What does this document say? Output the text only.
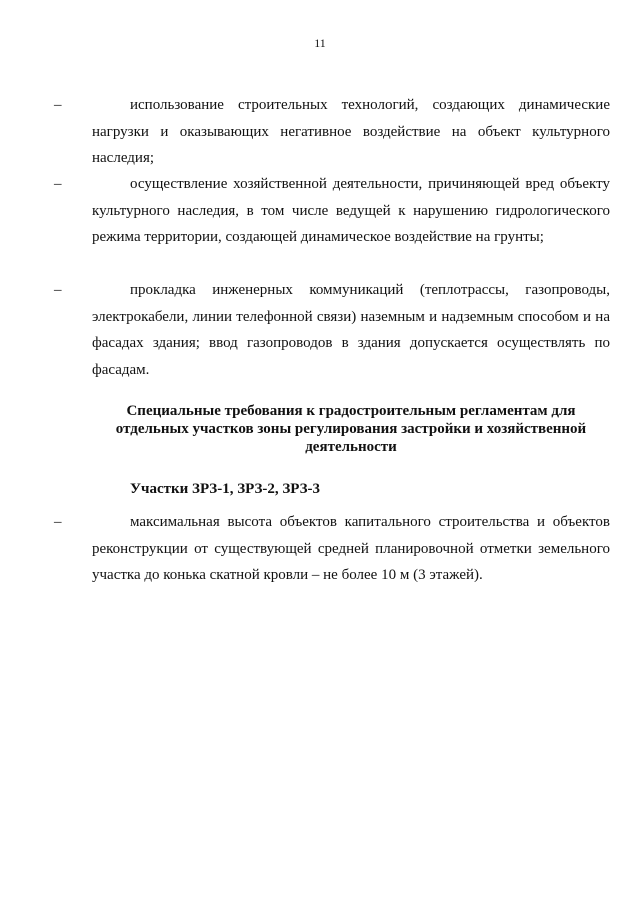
11
–	использование строительных технологий, создающих динамические нагрузки и оказывающих негативное воздействие на объект культурного наследия;
–	осуществление хозяйственной деятельности, причиняющей вред объекту культурного наследия, в том числе ведущей к нарушению гидрологического режима территории, создающей динамическое воздействие на грунты;
–	прокладка инженерных коммуникаций (теплотрассы, газопроводы, электрокабели, линии телефонной связи) наземным и надземным способом и на фасадах здания; ввод газопроводов в здания допускается осуществлять по фасадам.
Специальные требования к градостроительным регламентам для отдельных участков зоны регулирования застройки и хозяйственной деятельности
Участки ЗРЗ-1, ЗРЗ-2, ЗРЗ-3
–	максимальная высота объектов капитального строительства и объектов реконструкции от существующей средней планировочной отметки земельного участка до конька скатной кровли – не более 10 м (3 этажей).
